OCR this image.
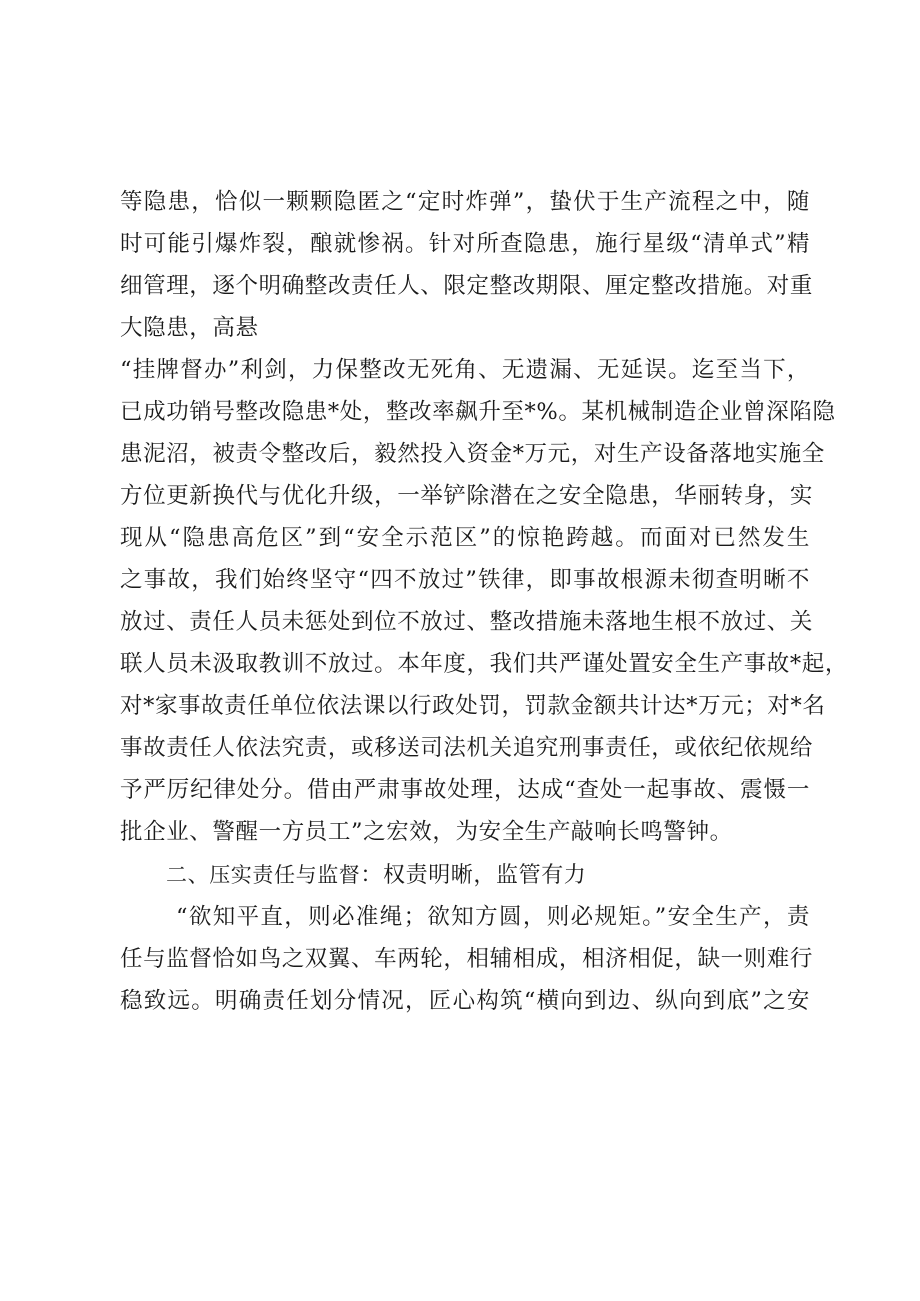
等隐患，恰似一颗颗隐匿之“定时炸弹”，蛰伏于生产流程之中，随
时可能引爆炸裂，酿就惨祸。针对所查隐患，施行星级“清单式”精
细管理，逐个明确整改责任人、限定整改期限、厘定整改措施。对重
大隐患，高悬
“挂牌督办”利剑，力保整改无死角、无遗漏、无延误。迄至当下，
已成功销号整改隐患*处，整改率飙升至*%。某机械制造企业曾深陷隐
患泥沼，被责令整改后，毅然投入资金*万元，对生产设备落地实施全
方位更新换代与优化升级，一举铲除潜在之安全隐患，华丽转身，实
现从“隐患高危区”到“安全示范区”的惊艳跨越。而面对已然发生
之事故，我们始终坚守“四不放过”铁律，即事故根源未彻查明晰不
放过、责任人员未惩处到位不放过、整改措施未落地生根不放过、关
联人员未汲取教训不放过。本年度，我们共严谨处置安全生产事故*起，
对*家事故责任单位依法课以行政处罚，罚款金额共计达*万元；对*名
事故责任人依法究责，或移送司法机关追究刑事责任，或依纪依规给
予严厉纪律处分。借由严肃事故处理，达成“查处一起事故、震慑一
批企业、警醒一方员工”之宏效，为安全生产敲响长鸣警钟。
二、压实责任与监督：权责明晰，监管有力
“欲知平直，则必准绳；欲知方圆，则必规矩。”安全生产，责
任与监督恰如鸟之双翼、车两轮，相辅相成，相济相促，缺一则难行
稳致远。明确责任划分情况，匠心构筑“横向到边、纵向到底”之安
